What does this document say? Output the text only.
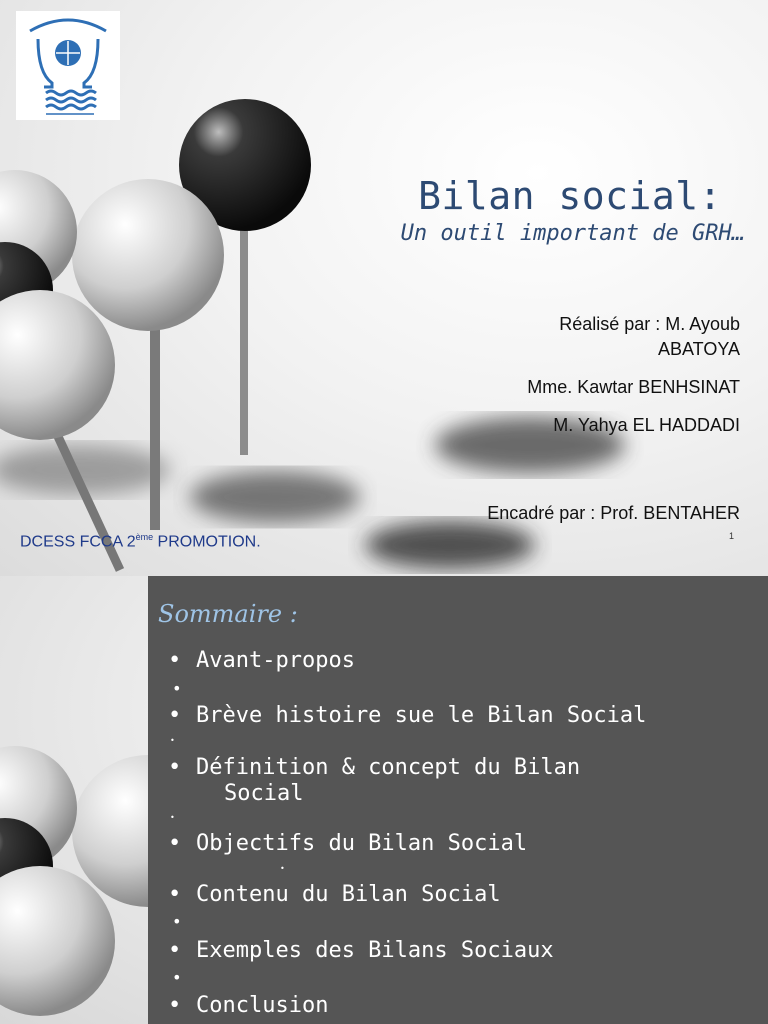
Bilan social:
Un outil important de GRH…

Réalisé par : M. Ayoub
ABATOYA

Mme. Kawtar BENHSINAT

M. Yahya EL HADDADI

Encadré par : Prof. BENTAHER
1
DCESS FCCA 2ème PROMOTION.
Sommaire :
• Avant-propos
•
• Brève histoire sue le Bilan Social
•
• Définition & concept du Bilan
Social
•
• Objectifs du Bilan Social
•
• Contenu du Bilan Social
•
• Exemples des Bilans Sociaux
•
• Conclusion
